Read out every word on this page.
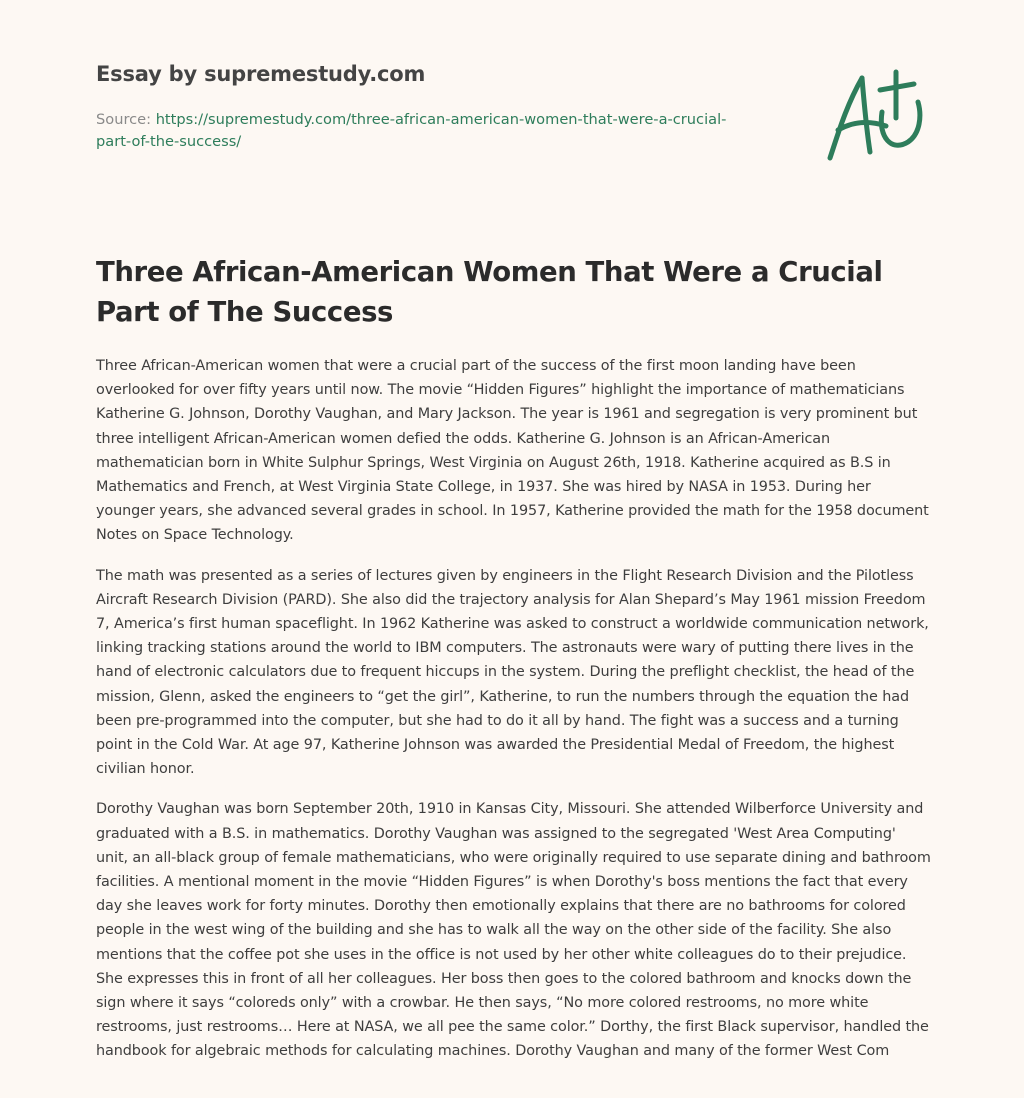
Essay by supremestudy.com
Source: https://supremestudy.com/three-african-american-women-that-were-a-crucial-
part-of-the-success/
Three African-American Women That Were a Crucial Part of The Success

Three African-American women that were a crucial part of the success of the first moon landing have been overlooked for over fifty years until now. The movie “Hidden Figures” highlight the importance of mathematicians Katherine G. Johnson, Dorothy Vaughan, and Mary Jackson. The year is 1961 and segregation is very prominent but three intelligent African-American women defied the odds. Katherine G. Johnson is an African-American mathematician born in White Sulphur Springs, West Virginia on August 26th, 1918. Katherine acquired as B.S in Mathematics and French, at West Virginia State College, in 1937. She was hired by NASA in 1953. During her younger years, she advanced several grades in school. In 1957, Katherine provided the math for the 1958 document Notes on Space Technology.

The math was presented as a series of lectures given by engineers in the Flight Research Division and the Pilotless Aircraft Research Division (PARD). She also did the trajectory analysis for Alan Shepard’s May 1961 mission Freedom 7, America’s first human spaceflight. In 1962 Katherine was asked to construct a worldwide communication network, linking tracking stations around the world to IBM computers. The astronauts were wary of putting there lives in the hand of electronic calculators due to frequent hiccups in the system. During the preflight checklist, the head of the mission, Glenn, asked the engineers to “get the girl”, Katherine, to run the numbers through the equation the had been pre-programmed into the computer, but she had to do it all by hand. The fight was a success and a turning point in the Cold War. At age 97, Katherine Johnson was awarded the Presidential Medal of Freedom, the highest civilian honor.

Dorothy Vaughan was born September 20th, 1910 in Kansas City, Missouri. She attended Wilberforce University and graduated with a B.S. in mathematics. Dorothy Vaughan was assigned to the segregated 'West Area Computing' unit, an all-black group of female mathematicians, who were originally required to use separate dining and bathroom facilities. A mentional moment in the movie “Hidden Figures” is when Dorothy's boss mentions the fact that every day she leaves work for forty minutes. Dorothy then emotionally explains that there are no bathrooms for colored people in the west wing of the building and she has to walk all the way on the other side of the facility. She also mentions that the coffee pot she uses in the office is not used by her other white colleagues do to their prejudice. She expresses this in front of all her colleagues. Her boss then goes to the colored bathroom and knocks down the sign where it says “coloreds only” with a crowbar. He then says, “No more colored restrooms, no more white restrooms, just restrooms… Here at NASA, we all pee the same color.” Dorthy, the first Black supervisor, handled the handbook for algebraic methods for calculating machines. Dorothy Vaughan and many of the former West Com
